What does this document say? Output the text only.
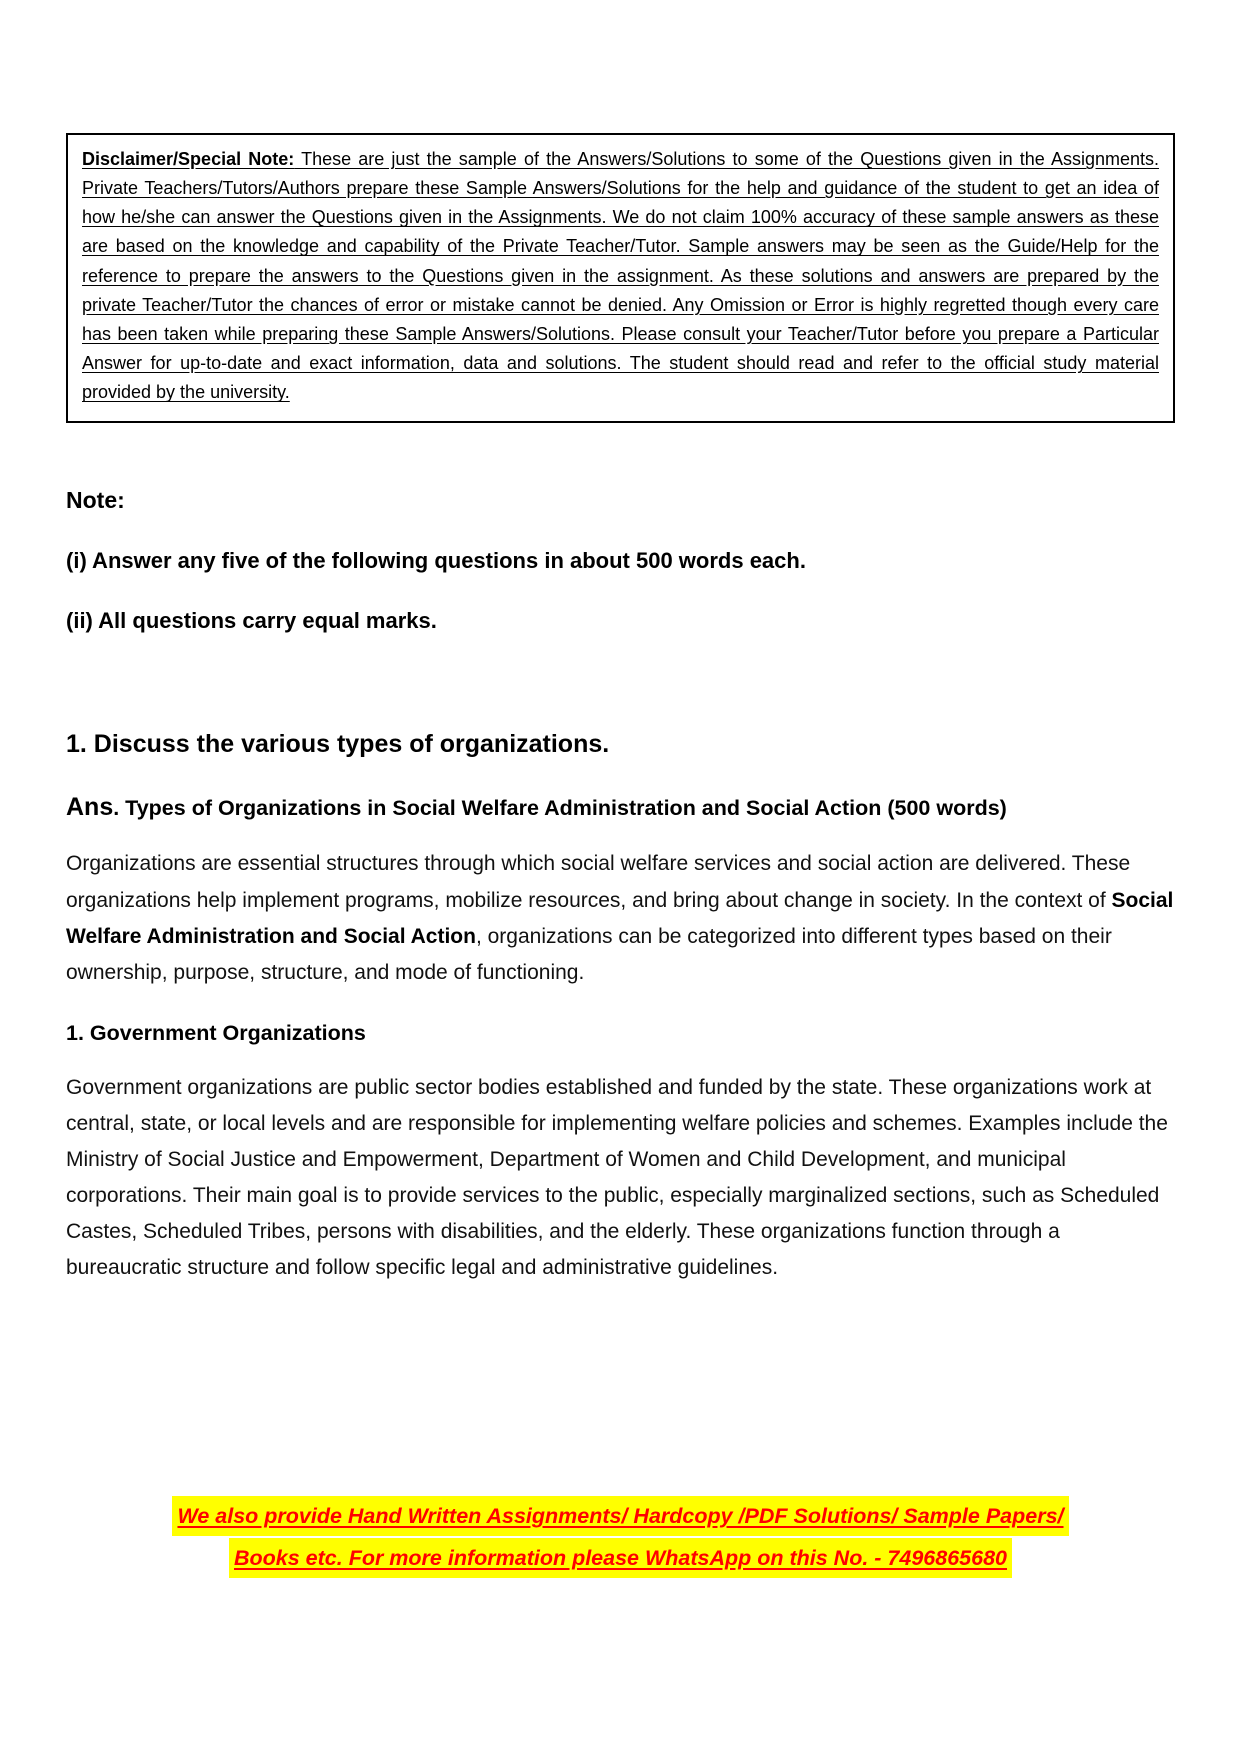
Disclaimer/Special Note: These are just the sample of the Answers/Solutions to some of the Questions given in the Assignments. Private Teachers/Tutors/Authors prepare these Sample Answers/Solutions for the help and guidance of the student to get an idea of how he/she can answer the Questions given in the Assignments. We do not claim 100% accuracy of these sample answers as these are based on the knowledge and capability of the Private Teacher/Tutor. Sample answers may be seen as the Guide/Help for the reference to prepare the answers to the Questions given in the assignment. As these solutions and answers are prepared by the private Teacher/Tutor the chances of error or mistake cannot be denied. Any Omission or Error is highly regretted though every care has been taken while preparing these Sample Answers/Solutions. Please consult your Teacher/Tutor before you prepare a Particular Answer for up-to-date and exact information, data and solutions. The student should read and refer to the official study material provided by the university.

Note:

(i) Answer any five of the following questions in about 500 words each.

(ii) All questions carry equal marks.

1. Discuss the various types of organizations.

Ans. Types of Organizations in Social Welfare Administration and Social Action (500 words)

Organizations are essential structures through which social welfare services and social action are delivered. These organizations help implement programs, mobilize resources, and bring about change in society. In the context of Social Welfare Administration and Social Action, organizations can be categorized into different types based on their ownership, purpose, structure, and mode of functioning.

1. Government Organizations

Government organizations are public sector bodies established and funded by the state. These organizations work at central, state, or local levels and are responsible for implementing welfare policies and schemes. Examples include the Ministry of Social Justice and Empowerment, Department of Women and Child Development, and municipal corporations. Their main goal is to provide services to the public, especially marginalized sections, such as Scheduled Castes, Scheduled Tribes, persons with disabilities, and the elderly. These organizations function through a bureaucratic structure and follow specific legal and administrative guidelines.

We also provide Hand Written Assignments/ Hardcopy /PDF Solutions/ Sample Papers/
Books etc. For more information please WhatsApp on this No. - 7496865680
